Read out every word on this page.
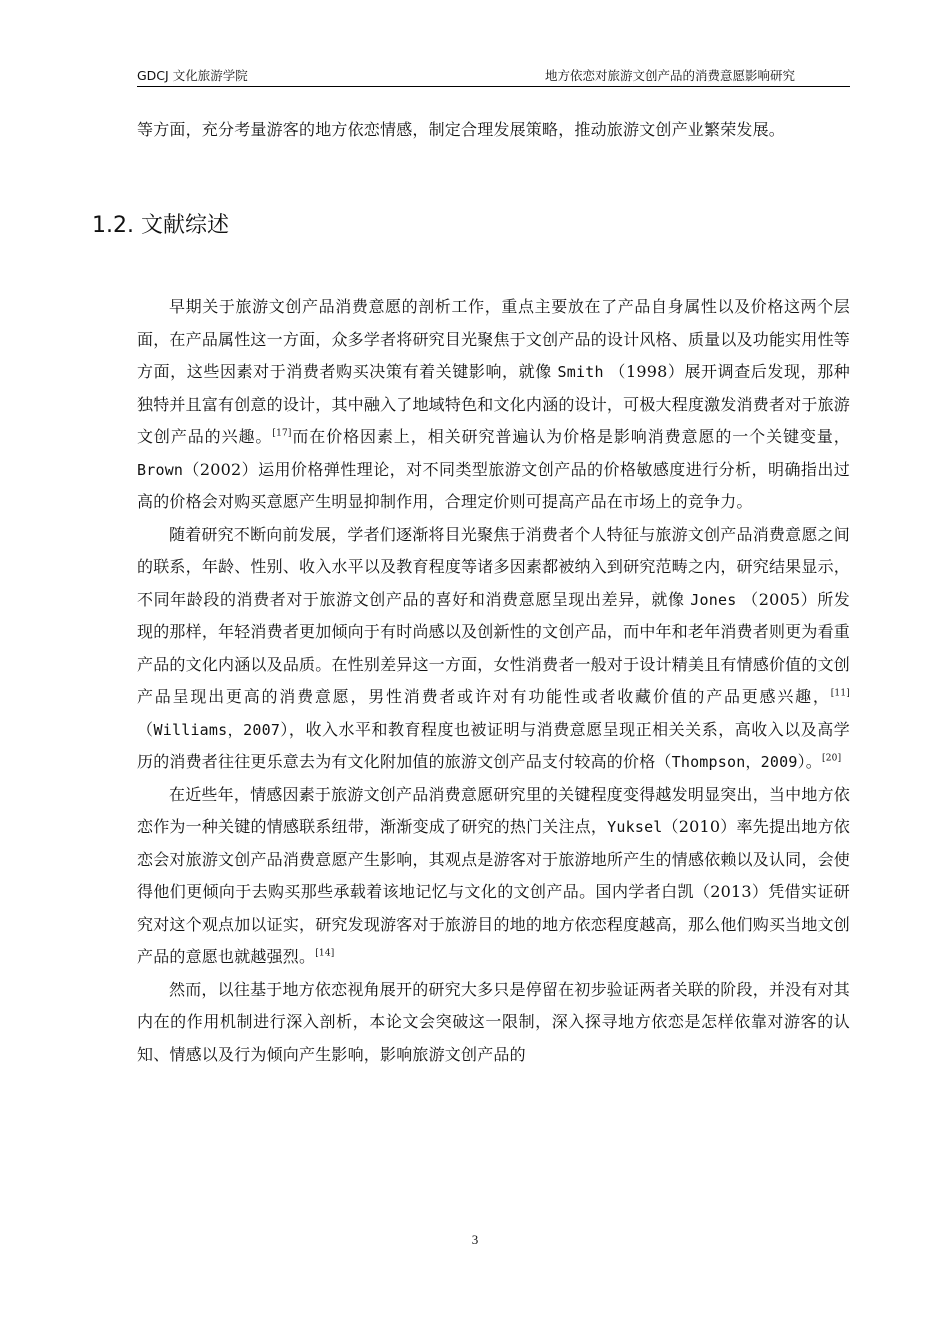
GDCJ 文化旅游学院	地方依恋对旅游文创产品的消费意愿影响研究

等方面，充分考量游客的地方依恋情感，制定合理发展策略，推动旅游文创产业繁荣发展。

1.2. 文献综述

早期关于旅游文创产品消费意愿的剖析工作，重点主要放在了产品自身属性以及价格这两个层面，在产品属性这一方面，众多学者将研究目光聚焦于文创产品的设计风格、质量以及功能实用性等方面，这些因素对于消费者购买决策有着关键影响，就像 Smith （1998）展开调查后发现，那种独特并且富有创意的设计，其中融入了地域特色和文化内涵的设计，可极大程度激发消费者对于旅游文创产品的兴趣。[17]而在价格因素上，相关研究普遍认为价格是影响消费意愿的一个关键变量，Brown（2002）运用价格弹性理论，对不同类型旅游文创产品的价格敏感度进行分析，明确指出过高的价格会对购买意愿产生明显抑制作用，合理定价则可提高产品在市场上的竞争力。

随着研究不断向前发展，学者们逐渐将目光聚焦于消费者个人特征与旅游文创产品消费意愿之间的联系，年龄、性别、收入水平以及教育程度等诸多因素都被纳入到研究范畴之内，研究结果显示，不同年龄段的消费者对于旅游文创产品的喜好和消费意愿呈现出差异，就像 Jones （2005）所发现的那样，年轻消费者更加倾向于有时尚感以及创新性的文创产品，而中年和老年消费者则更为看重产品的文化内涵以及品质。在性别差异这一方面，女性消费者一般对于设计精美且有情感价值的文创产品呈现出更高的消费意愿，男性消费者或许对有功能性或者收藏价值的产品更感兴趣，[11]（Williams，2007），收入水平和教育程度也被证明与消费意愿呈现正相关关系，高收入以及高学历的消费者往往更乐意去为有文化附加值的旅游文创产品支付较高的价格（Thompson，2009）。[20]

在近些年，情感因素于旅游文创产品消费意愿研究里的关键程度变得越发明显突出，当中地方依恋作为一种关键的情感联系纽带，渐渐变成了研究的热门关注点，Yuksel（2010）率先提出地方依恋会对旅游文创产品消费意愿产生影响，其观点是游客对于旅游地所产生的情感依赖以及认同，会使得他们更倾向于去购买那些承载着该地记忆与文化的文创产品。国内学者白凯（2013）凭借实证研究对这个观点加以证实，研究发现游客对于旅游目的地的地方依恋程度越高，那么他们购买当地文创产品的意愿也就越强烈。[14]

然而，以往基于地方依恋视角展开的研究大多只是停留在初步验证两者关联的阶段，并没有对其内在的作用机制进行深入剖析，本论文会突破这一限制，深入探寻地方依恋是怎样依靠对游客的认知、情感以及行为倾向产生影响，影响旅游文创产品的

3
